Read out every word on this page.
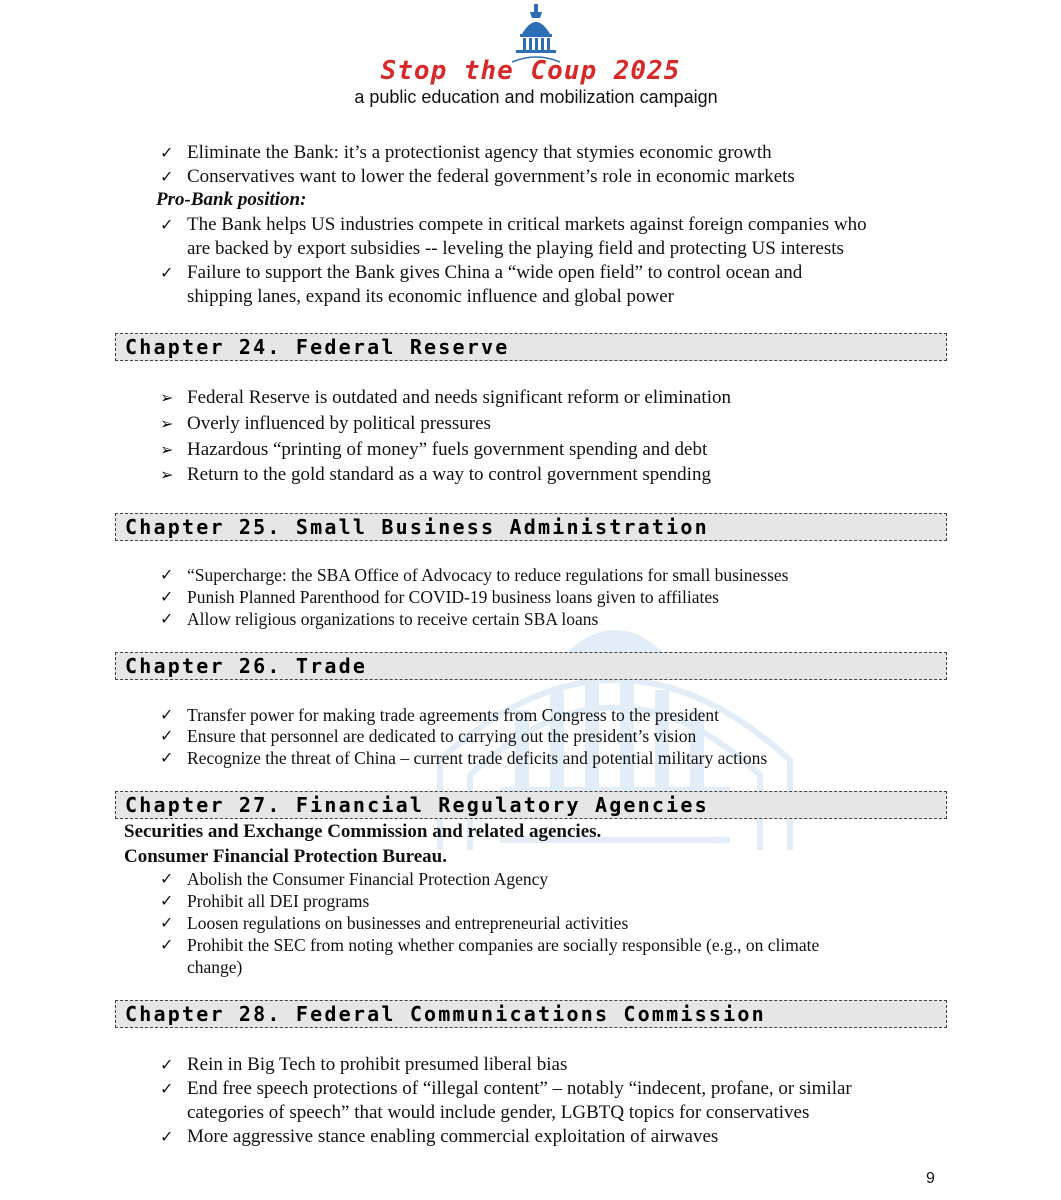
Stop the Coup 2025
a public education and mobilization campaign
✓ Eliminate the Bank: it’s a protectionist agency that stymies economic growth
✓ Conservatives want to lower the federal government’s role in economic markets
Pro-Bank position:
✓ The Bank helps US industries compete in critical markets against foreign companies who
are backed by export subsidies -- leveling the playing field and protecting US interests
✓ Failure to support the Bank gives China a “wide open field” to control ocean and
shipping lanes, expand its economic influence and global power
Chapter 24. Federal Reserve
➢ Federal Reserve is outdated and needs significant reform or elimination
➢ Overly influenced by political pressures
➢ Hazardous “printing of money” fuels government spending and debt
➢ Return to the gold standard as a way to control government spending
Chapter 25. Small Business Administration
✓ “Supercharge: the SBA Office of Advocacy to reduce regulations for small businesses
✓ Punish Planned Parenthood for COVID-19 business loans given to affiliates
✓ Allow religious organizations to receive certain SBA loans
Chapter 26. Trade
✓ Transfer power for making trade agreements from Congress to the president
✓ Ensure that personnel are dedicated to carrying out the president’s vision
✓ Recognize the threat of China – current trade deficits and potential military actions
Chapter 27. Financial Regulatory Agencies
Securities and Exchange Commission and related agencies.
Consumer Financial Protection Bureau.
✓ Abolish the Consumer Financial Protection Agency
✓ Prohibit all DEI programs
✓ Loosen regulations on businesses and entrepreneurial activities
✓ Prohibit the SEC from noting whether companies are socially responsible (e.g., on climate
change)
Chapter 28. Federal Communications Commission
✓ Rein in Big Tech to prohibit presumed liberal bias
✓ End free speech protections of “illegal content” – notably “indecent, profane, or similar
categories of speech” that would include gender, LGBTQ topics for conservatives
✓ More aggressive stance enabling commercial exploitation of airwaves
9
